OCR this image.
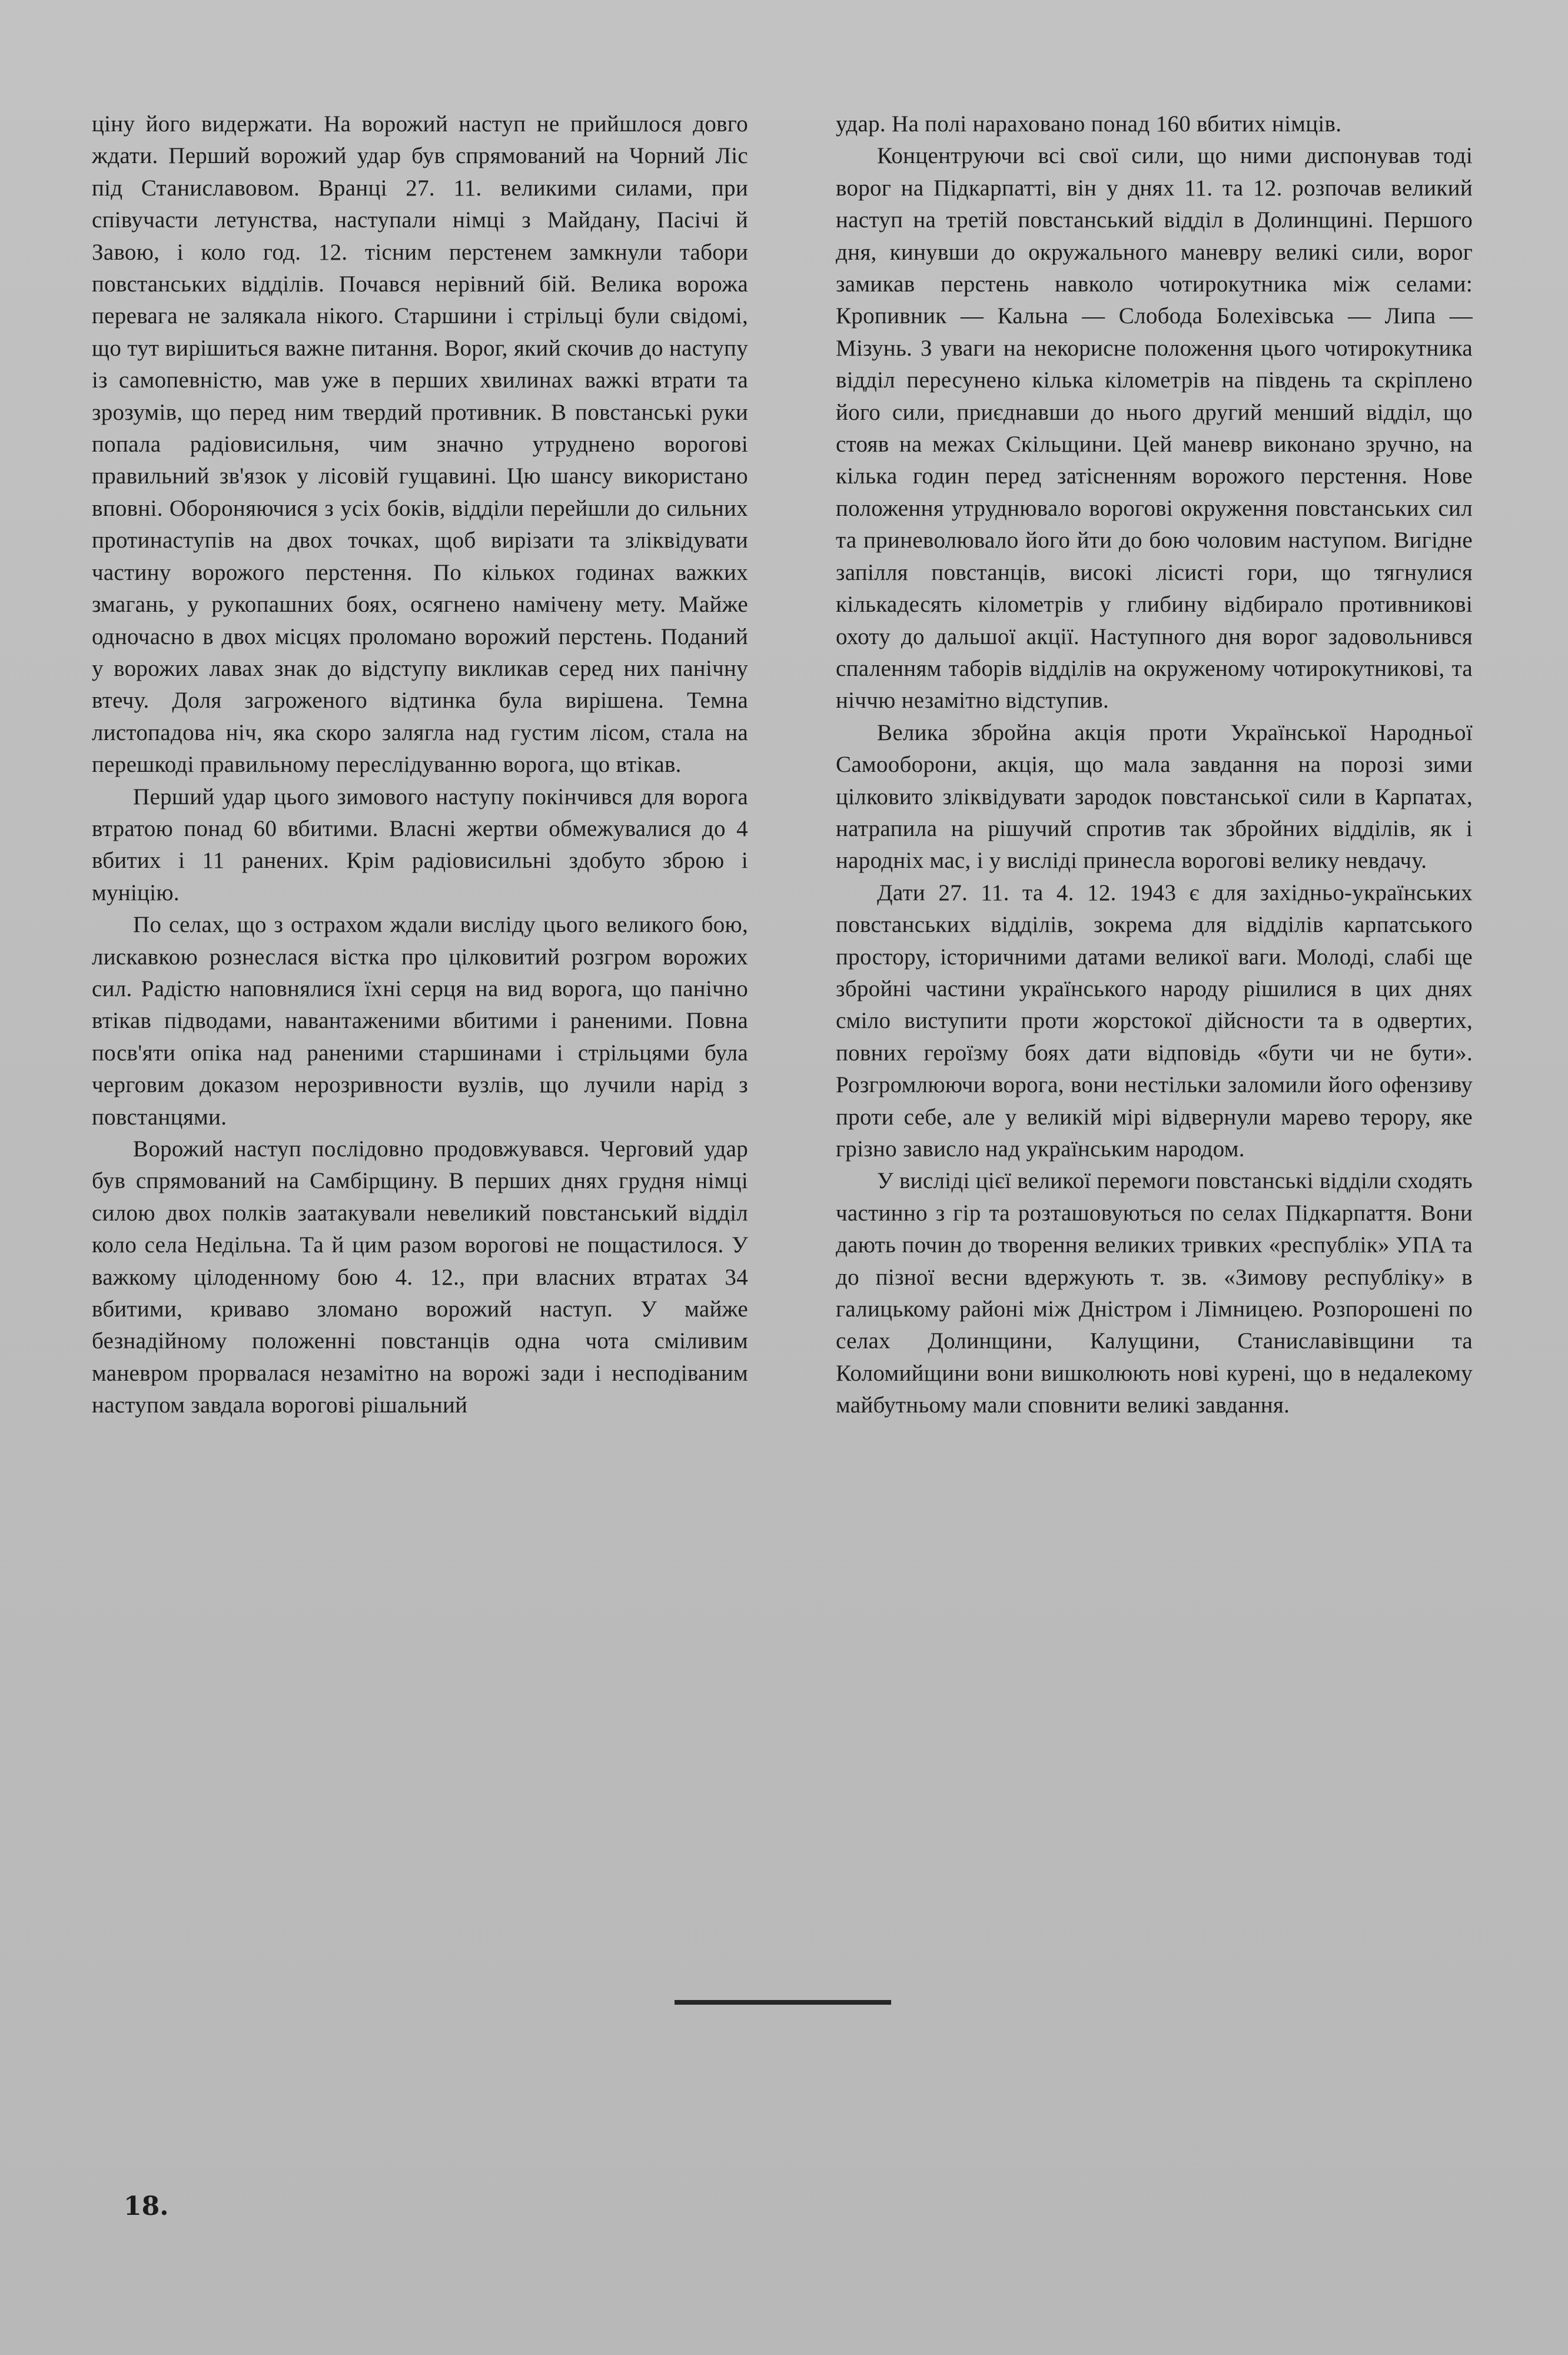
ціну його видержати. На ворожий наступ не прийшлося довго ждати. Перший ворожий удар був спрямований на Чорний Ліс під Станиславовом. Вранці 27. 11. великими силами, при співучасти летунства, наступали німці з Майдану, Пасічі й Завою, і коло год. 12. тісним перстенем замкнули табори повстанських відділів. Почався нерівний бій. Велика ворожа перевага не залякала нікого. Старшини і стрільці були свідомі, що тут вирішиться важне питання. Ворог, який скочив до наступу із самопевністю, мав уже в перших хвилинах важкі втрати та зрозумів, що перед ним твердий противник. В повстанські руки попала радіовисильня, чим значно утруднено ворогові правильний зв'язок у лісовій гущавині. Цю шансу використано вповні. Обороняючися з усіх боків, відділи перейшли до сильних протинаступів на двох точках, щоб вирізати та зліквідувати частину ворожого перстення. По кількох годинах важких змагань, у рукопашних боях, осягнено намічену мету. Майже одночасно в двох місцях проломано ворожий перстень. Поданий у ворожих лавах знак до відступу викликав серед них панічну втечу. Доля загроженого відтинка була вирішена. Темна листопадова ніч, яка скоро залягла над густим лісом, стала на перешкоді правильному переслідуванню ворога, що втікав.

Перший удар цього зимового наступу покінчився для ворога втратою понад 60 вбитими. Власні жертви обмежувалися до 4 вбитих і 11 ранених. Крім радіовисильні здобуто зброю і муніцію.

По селах, що з острахом ждали висліду цього великого бою, лискавкою рознеслася вістка про цілковитий розгром ворожих сил. Радістю наповнялися їхні серця на вид ворога, що панічно втікав підводами, навантаженими вбитими і раненими. Повна посв'яти опіка над раненими старшинами і стрільцями була черговим доказом нерозривности вузлів, що лучили нарід з повстанцями.

Ворожий наступ послідовно продовжувався. Черговий удар був спрямований на Самбірщину. В перших днях грудня німці силою двох полків заатакували невеликий повстанський відділ коло села Недільна. Та й цим разом ворогові не пощастилося. У важкому цілоденному бою 4. 12., при власних втратах 34 вбитими, криваво зломано ворожий наступ. У майже безнадійному положенні повстанців одна чота сміливим маневром прорвалася незамітно на ворожі зади і несподіваним наступом завдала ворогові рішальний

удар. На полі нараховано понад 160 вбитих німців.

Концентруючи всі свої сили, що ними диспонував тоді ворог на Підкарпатті, він у днях 11. та 12. розпочав великий наступ на третій повстанський відділ в Долинщині. Першого дня, кинувши до окружального маневру великі сили, ворог замикав перстень навколо чотирокутника між селами: Кропивник — Кальна — Слобода Болехівська — Липа — Мізунь. З уваги на некорисне положення цього чотирокутника відділ пересунено кілька кілометрів на південь та скріплено його сили, приєднавши до нього другий менший відділ, що стояв на межах Скільщини. Цей маневр виконано зручно, на кілька годин перед затісненням ворожого перстення. Нове положення утруднювало ворогові окруження повстанських сил та приневолювало його йти до бою чоловим наступом. Вигідне запілля повстанців, високі лісисті гори, що тягнулися кількадесять кілометрів у глибину відбирало противникові охоту до дальшої акції. Наступного дня ворог задовольнився спаленням таборів відділів на окруженому чотирокутникові, та ніччю незамітно відступив.

Велика збройна акція проти Української Народньої Самооборони, акція, що мала завдання на порозі зими цілковито зліквідувати зародок повстанської сили в Карпатах, натрапила на рішучий спротив так збройних відділів, як і народніх мас, і у висліді принесла ворогові велику невдачу.

Дати 27. 11. та 4. 12. 1943 є для західньо-українських повстанських відділів, зокрема для відділів карпатського простору, історичними датами великої ваги. Молоді, слабі ще збройні частини українського народу рішилися в цих днях сміло виступити проти жорстокої дійсности та в одвертих, повних героїзму боях дати відповідь «бути чи не бути». Розгромлюючи ворога, вони нестільки заломили його офензиву проти себе, але у великій мірі відвернули марево терору, яке грізно зависло над українським народом.

У висліді цієї великої перемоги повстанські відділи сходять частинно з гір та розташовуються по селах Підкарпаття. Вони дають почин до творення великих тривких «республік» УПА та до пізної весни вдержують т. зв. «Зимову республіку» в галицькому районі між Дністром і Лімницею. Розпорошені по селах Долинщини, Калущини, Станиславівщини та Коломийщини вони вишколюють нові курені, що в недалекому майбутньому мали сповнити великі завдання.

18.
